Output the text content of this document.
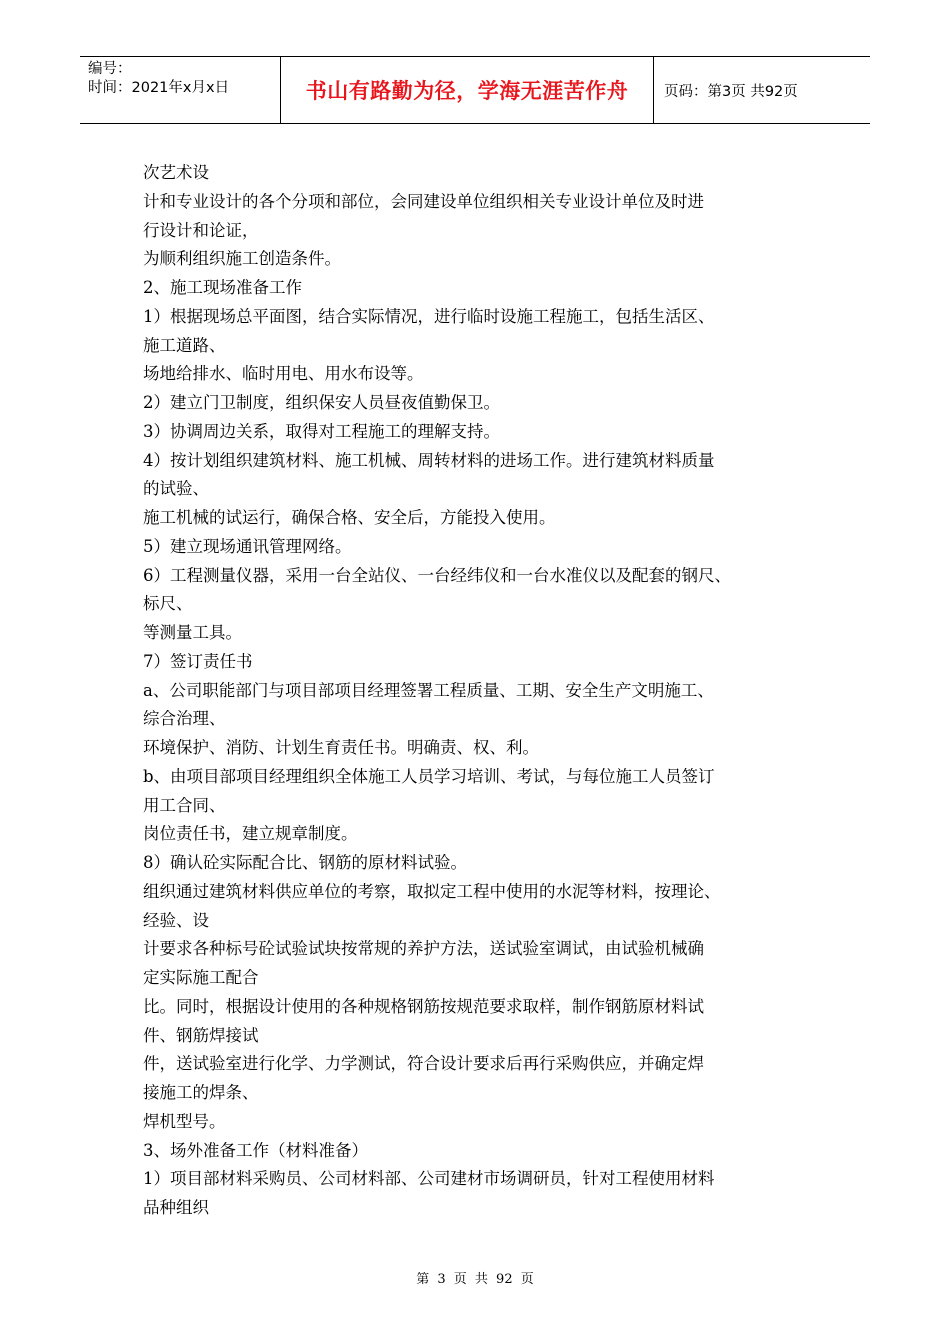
编号：
时间：2021年x月x日	书山有路勤为径，学海无涯苦作舟	页码：第3页 共92页
次艺术设
计和专业设计的各个分项和部位，会同建设单位组织相关专业设计单位及时进
行设计和论证，
为顺利组织施工创造条件。
2、施工现场准备工作
1）根据现场总平面图，结合实际情况，进行临时设施工程施工，包括生活区、
施工道路、
场地给排水、临时用电、用水布设等。
2）建立门卫制度，组织保安人员昼夜值勤保卫。
3）协调周边关系，取得对工程施工的理解支持。
4）按计划组织建筑材料、施工机械、周转材料的进场工作。进行建筑材料质量
的试验、
施工机械的试运行，确保合格、安全后，方能投入使用。
5）建立现场通讯管理网络。
6）工程测量仪器，采用一台全站仪、一台经纬仪和一台水准仪以及配套的钢尺、
标尺、
等测量工具。
7）签订责任书
a、公司职能部门与项目部项目经理签署工程质量、工期、安全生产文明施工、
综合治理、
环境保护、消防、计划生育责任书。明确责、权、利。
b、由项目部项目经理组织全体施工人员学习培训、考试，与每位施工人员签订
用工合同、
岗位责任书，建立规章制度。
8）确认砼实际配合比、钢筋的原材料试验。
组织通过建筑材料供应单位的考察，取拟定工程中使用的水泥等材料，按理论、
经验、设
计要求各种标号砼试验试块按常规的养护方法，送试验室调试，由试验机械确
定实际施工配合
比。同时，根据设计使用的各种规格钢筋按规范要求取样，制作钢筋原材料试
件、钢筋焊接试
件，送试验室进行化学、力学测试，符合设计要求后再行采购供应，并确定焊
接施工的焊条、
焊机型号。
3、场外准备工作（材料准备）
1）项目部材料采购员、公司材料部、公司建材市场调研员，针对工程使用材料
品种组织
第 3 页 共 92 页
